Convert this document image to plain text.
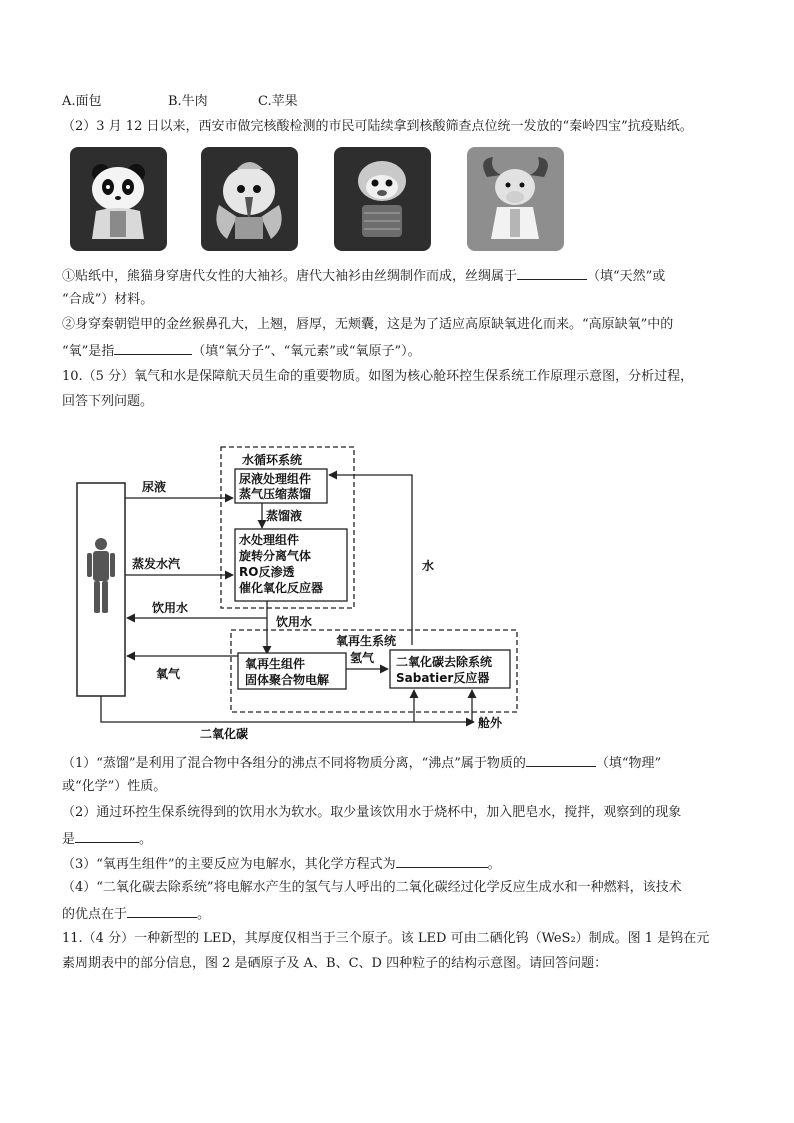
A.面包	B.牛肉	C.苹果
（2）3 月 12 日以来，西安市做完核酸检测的市民可陆续拿到核酸筛查点位统一发放的“秦岭四宝”抗疫贴纸。
①贴纸中，熊猫身穿唐代女性的大袖衫。唐代大袖衫由丝绸制作而成，丝绸属于	（填“天然”或
“合成”）材料。
②身穿秦朝铠甲的金丝猴鼻孔大，上翘，唇厚，无颊囊，这是为了适应高原缺氧进化而来。“高原缺氧”中的
“氧”是指	（填“氧分子”、“氧元素”或“氧原子”）。
10.（5 分）氧气和水是保障航天员生命的重要物质。如图为核心舱环控生保系统工作原理示意图，分析过程，
回答下列问题。
水循环系统
尿液处理组件
蒸气压缩蒸馏
蒸馏液
水处理组件
旋转分离气体
RO反渗透
催化氧化反应器
尿液
蒸发水汽
饮用水
饮用水
水
氧再生系统
氧再生组件
固体聚合物电解
二氧化碳去除系统
Sabatier反应器
氢气
氧气
二氧化碳
舱外
（1）“蒸馏”是利用了混合物中各组分的沸点不同将物质分离，“沸点”属于物质的	（填“物理”
或“化学”）性质。
（2）通过环控生保系统得到的饮用水为软水。取少量该饮用水于烧杯中，加入肥皂水，搅拌，观察到的现象
是	。
（3）“氧再生组件”的主要反应为电解水，其化学方程式为	。
（4）“二氧化碳去除系统”将电解水产生的氢气与人呼出的二氧化碳经过化学反应生成水和一种燃料，该技术
的优点在于	。
11.（4 分）一种新型的 LED，其厚度仅相当于三个原子。该 LED 可由二硒化钨（WeS₂）制成。图 1 是钨在元
素周期表中的部分信息，图 2 是硒原子及 A、B、C、D 四种粒子的结构示意图。请回答问题：
